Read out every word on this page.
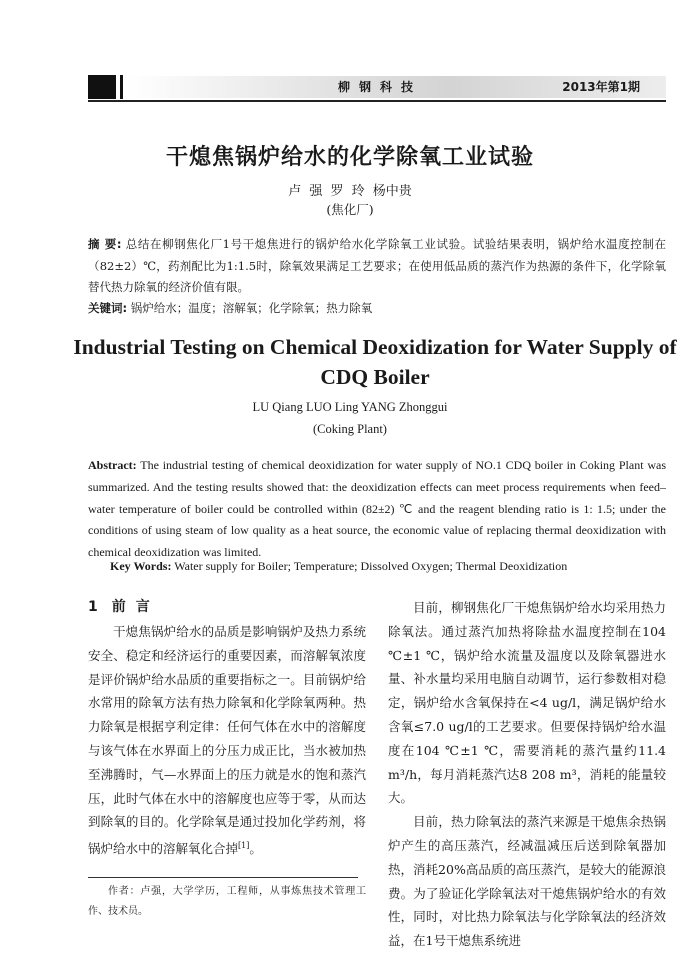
柳钢科技	2013年第1期
干熄焦锅炉给水的化学除氧工业试验
卢 强 罗 玲 杨中贵
(焦化厂)
摘 要: 总结在柳钢焦化厂1号干熄焦进行的锅炉给水化学除氧工业试验。试验结果表明，锅炉给水温度控制在（82±2）℃，药剂配比为1:1.5时，除氧效果满足工艺要求；在使用低品质的蒸汽作为热源的条件下，化学除氧替代热力除氧的经济价值有限。
关键词: 锅炉给水；温度；溶解氧；化学除氧；热力除氧
Industrial Testing on Chemical Deoxidization for Water Supply of CDQ Boiler
LU Qiang LUO Ling YANG Zhonggui
(Coking Plant)
Abstract: The industrial testing of chemical deoxidization for water supply of NO.1 CDQ boiler in Coking Plant was summarized. And the testing results showed that: the deoxidization effects can meet process requirements when feed–water temperature of boiler could be controlled within (82±2) ℃ and the reagent blending ratio is 1: 1.5; under the conditions of using steam of low quality as a heat source, the economic value of replacing thermal deoxidization with chemical deoxidization was limited.
Key Words: Water supply for Boiler; Temperature; Dissolved Oxygen; Thermal Deoxidization
1 前言

干熄焦锅炉给水的品质是影响锅炉及热力系统安全、稳定和经济运行的重要因素，而溶解氧浓度是评价锅炉给水品质的重要指标之一。目前锅炉给水常用的除氧方法有热力除氧和化学除氧两种。热力除氧是根据亨利定律：任何气体在水中的溶解度与该气体在水界面上的分压力成正比，当水被加热至沸腾时，气—水界面上的压力就是水的饱和蒸汽压，此时气体在水中的溶解度也应等于零，从而达到除氧的目的。化学除氧是通过投加化学药剂，将锅炉给水中的溶解氧化合掉[1]。

目前，柳钢焦化厂干熄焦锅炉给水均采用热力除氧法。通过蒸汽加热将除盐水温度控制在104 ℃±1 ℃，锅炉给水流量及温度以及除氧器进水量、补水量均采用电脑自动调节，运行参数相对稳定，锅炉给水含氧保持在<4 ug/l，满足锅炉给水含氧≤7.0 ug/l的工艺要求。但要保持锅炉给水温度在104 ℃±1 ℃，需要消耗的蒸汽量约11.4 m³/h，每月消耗蒸汽达8 208 m³，消耗的能量较大。

目前，热力除氧法的蒸汽来源是干熄焦余热锅炉产生的高压蒸汽，经减温减压后送到除氧器加热，消耗20%高品质的高压蒸汽，是较大的能源浪费。为了验证化学除氧法对干熄焦锅炉给水的有效性，同时，对比热力除氧法与化学除氧法的经济效益，在1号干熄焦系统进

作者：卢强，大学学历，工程师，从事炼焦技术管理工作、技术员。
